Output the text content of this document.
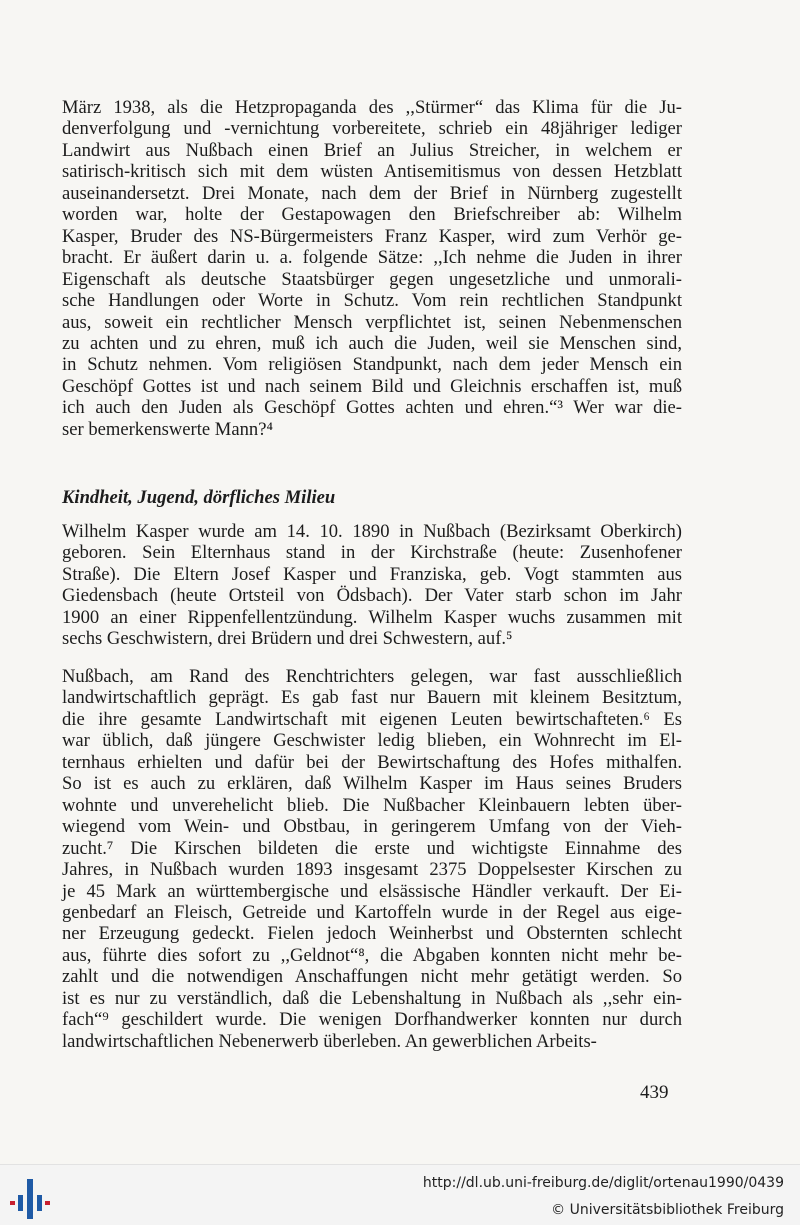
März 1938, als die Hetzpropaganda des ,,Stürmer“ das Klima für die Ju-
denverfolgung und -vernichtung vorbereitete, schrieb ein 48jähriger lediger
Landwirt aus Nußbach einen Brief an Julius Streicher, in welchem er
satirisch-kritisch sich mit dem wüsten Antisemitismus von dessen Hetzblatt
auseinandersetzt. Drei Monate, nach dem der Brief in Nürnberg zugestellt
worden war, holte der Gestapowagen den Briefschreiber ab: Wilhelm
Kasper, Bruder des NS-Bürgermeisters Franz Kasper, wird zum Verhör ge-
bracht. Er äußert darin u. a. folgende Sätze: ,,Ich nehme die Juden in ihrer
Eigenschaft als deutsche Staatsbürger gegen ungesetzliche und unmorali-
sche Handlungen oder Worte in Schutz. Vom rein rechtlichen Standpunkt
aus, soweit ein rechtlicher Mensch verpflichtet ist, seinen Nebenmenschen
zu achten und zu ehren, muß ich auch die Juden, weil sie Menschen sind,
in Schutz nehmen. Vom religiösen Standpunkt, nach dem jeder Mensch ein
Geschöpf Gottes ist und nach seinem Bild und Gleichnis erschaffen ist, muß
ich auch den Juden als Geschöpf Gottes achten und ehren.“³ Wer war die-
ser bemerkenswerte Mann?⁴

Kindheit, Jugend, dörfliches Milieu

Wilhelm Kasper wurde am 14. 10. 1890 in Nußbach (Bezirksamt Oberkirch)
geboren. Sein Elternhaus stand in der Kirchstraße (heute: Zusenhofener
Straße). Die Eltern Josef Kasper und Franziska, geb. Vogt stammten aus
Giedensbach (heute Ortsteil von Ödsbach). Der Vater starb schon im Jahr
1900 an einer Rippenfellentzündung. Wilhelm Kasper wuchs zusammen mit
sechs Geschwistern, drei Brüdern und drei Schwestern, auf.⁵

Nußbach, am Rand des Renchtrichters gelegen, war fast ausschließlich
landwirtschaftlich geprägt. Es gab fast nur Bauern mit kleinem Besitztum,
die ihre gesamte Landwirtschaft mit eigenen Leuten bewirtschafteten.⁶ Es
war üblich, daß jüngere Geschwister ledig blieben, ein Wohnrecht im El-
ternhaus erhielten und dafür bei der Bewirtschaftung des Hofes mithalfen.
So ist es auch zu erklären, daß Wilhelm Kasper im Haus seines Bruders
wohnte und unverehelicht blieb. Die Nußbacher Kleinbauern lebten über-
wiegend vom Wein- und Obstbau, in geringerem Umfang von der Vieh-
zucht.⁷ Die Kirschen bildeten die erste und wichtigste Einnahme des
Jahres, in Nußbach wurden 1893 insgesamt 2375 Doppelsester Kirschen zu
je 45 Mark an württembergische und elsässische Händler verkauft. Der Ei-
genbedarf an Fleisch, Getreide und Kartoffeln wurde in der Regel aus eige-
ner Erzeugung gedeckt. Fielen jedoch Weinherbst und Obsternten schlecht
aus, führte dies sofort zu ,,Geldnot“⁸, die Abgaben konnten nicht mehr be-
zahlt und die notwendigen Anschaffungen nicht mehr getätigt werden. So
ist es nur zu verständlich, daß die Lebenshaltung in Nußbach als ,,sehr ein-
fach“⁹ geschildert wurde. Die wenigen Dorfhandwerker konnten nur durch
landwirtschaftlichen Nebenerwerb überleben. An gewerblichen Arbeits-

439
http://dl.ub.uni-freiburg.de/diglit/ortenau1990/0439
© Universitätsbibliothek Freiburg
